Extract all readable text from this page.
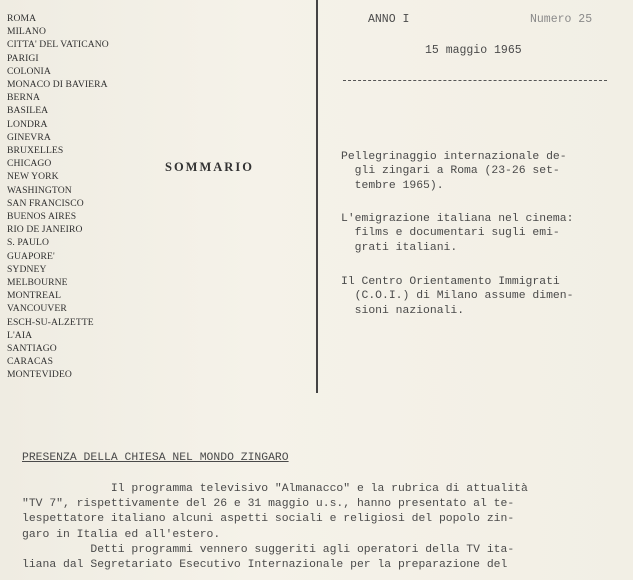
ROMA
MILANO
CITTA' DEL VATICANO
PARIGI
COLONIA
MONACO DI BAVIERA
BERNA
BASILEA
LONDRA
GINEVRA
BRUXELLES
CHICAGO
NEW YORK
WASHINGTON
SAN FRANCISCO
BUENOS AIRES
RIO DE JANEIRO
S. PAULO
GUAPORE'
SYDNEY
MELBOURNE
MONTREAL
VANCOUVER
ESCH-SU-ALZETTE
L'AIA
SANTIAGO
CARACAS
MONTEVIDEO
SOMMARIO
ANNO I	Numero 25
15 maggio 1965
Pellegrinaggio internazionale de-
gli zingari a Roma (23-26 set-
tembre 1965).
L'emigrazione italiana nel cinema:
films e documentari sugli emi-
grati italiani.
Il Centro Orientamento Immigrati
(C.O.I.) di Milano assume dimen-
sioni nazionali.
PRESENZA DELLA CHIESA NEL MONDO ZINGARO
Il programma televisivo "Almanacco" e la rubrica di attualità
"TV 7", rispettivamente del 26 e 31 maggio u.s., hanno presentato al te-
lespettatore italiano alcuni aspetti sociali e religiosi del popolo zin-
garo in Italia ed all'estero.
Detti programmi vennero suggeriti agli operatori della TV ita-
liana dal Segretariato Esecutivo Internazionale per la preparazione del
